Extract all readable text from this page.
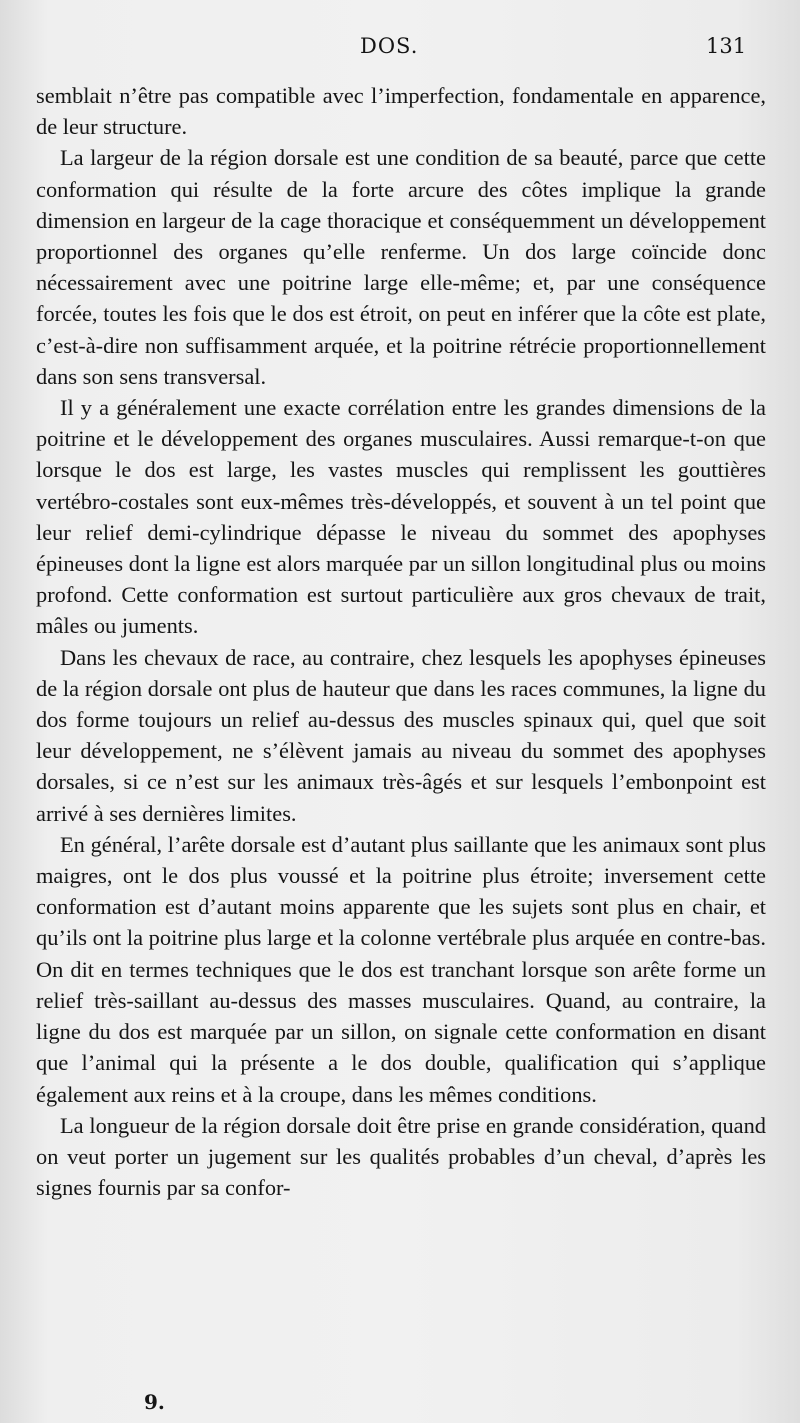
DOS.	131

semblait n’être pas compatible avec l’imperfection, fondamentale en apparence, de leur structure.

La largeur de la région dorsale est une condition de sa beauté, parce que cette conformation qui résulte de la forte arcure des côtes implique la grande dimension en largeur de la cage thoracique et conséquemment un développement proportionnel des organes qu’elle renferme. Un dos large coïncide donc nécessairement avec une poitrine large elle-même; et, par une conséquence forcée, toutes les fois que le dos est étroit, on peut en inférer que la côte est plate, c’est-à-dire non suffisamment arquée, et la poitrine rétrécie proportionnellement dans son sens transversal.

Il y a généralement une exacte corrélation entre les grandes dimensions de la poitrine et le développement des organes musculaires. Aussi remarque-t-on que lorsque le dos est large, les vastes muscles qui remplissent les gouttières vertébro-costales sont eux-mêmes très-développés, et souvent à un tel point que leur relief demi-cylindrique dépasse le niveau du sommet des apophyses épineuses dont la ligne est alors marquée par un sillon longitudinal plus ou moins profond. Cette conformation est surtout particulière aux gros chevaux de trait, mâles ou juments.

Dans les chevaux de race, au contraire, chez lesquels les apophyses épineuses de la région dorsale ont plus de hauteur que dans les races communes, la ligne du dos forme toujours un relief au-dessus des muscles spinaux qui, quel que soit leur développement, ne s’élèvent jamais au niveau du sommet des apophyses dorsales, si ce n’est sur les animaux très-âgés et sur lesquels l’embonpoint est arrivé à ses dernières limites.

En général, l’arête dorsale est d’autant plus saillante que les animaux sont plus maigres, ont le dos plus voussé et la poitrine plus étroite; inversement cette conformation est d’autant moins apparente que les sujets sont plus en chair, et qu’ils ont la poitrine plus large et la colonne vertébrale plus arquée en contre-bas. On dit en termes techniques que le dos est tranchant lorsque son arête forme un relief très-saillant au-dessus des masses musculaires. Quand, au contraire, la ligne du dos est marquée par un sillon, on signale cette conformation en disant que l’animal qui la présente a le dos double, qualification qui s’applique également aux reins et à la croupe, dans les mêmes conditions.

La longueur de la région dorsale doit être prise en grande considération, quand on veut porter un jugement sur les qualités probables d’un cheval, d’après les signes fournis par sa confor-

9.
